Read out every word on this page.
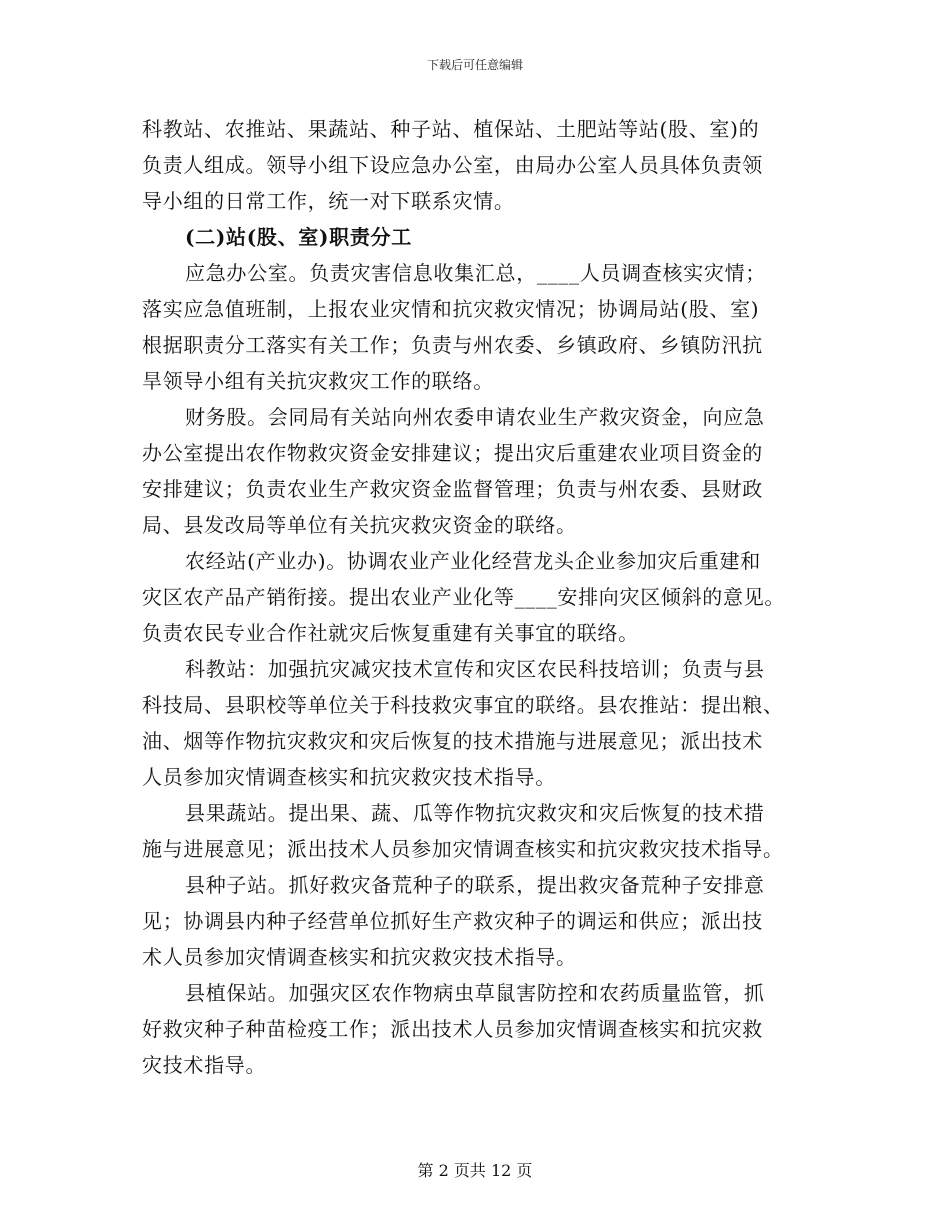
下载后可任意编辑
科教站、农推站、果蔬站、种子站、植保站、土肥站等站(股、室)的
负责人组成。领导小组下设应急办公室，由局办公室人员具体负责领
导小组的日常工作，统一对下联系灾情。
(二)站(股、室)职责分工
应急办公室。负责灾害信息收集汇总，____人员调查核实灾情；
落实应急值班制，上报农业灾情和抗灾救灾情况；协调局站(股、室)
根据职责分工落实有关工作；负责与州农委、乡镇政府、乡镇防汛抗
旱领导小组有关抗灾救灾工作的联络。
财务股。会同局有关站向州农委申请农业生产救灾资金，向应急
办公室提出农作物救灾资金安排建议；提出灾后重建农业项目资金的
安排建议；负责农业生产救灾资金监督管理；负责与州农委、县财政
局、县发改局等单位有关抗灾救灾资金的联络。
农经站(产业办)。协调农业产业化经营龙头企业参加灾后重建和
灾区农产品产销衔接。提出农业产业化等____安排向灾区倾斜的意见。
负责农民专业合作社就灾后恢复重建有关事宜的联络。
科教站：加强抗灾减灾技术宣传和灾区农民科技培训；负责与县
科技局、县职校等单位关于科技救灾事宜的联络。县农推站：提出粮、
油、烟等作物抗灾救灾和灾后恢复的技术措施与进展意见；派出技术
人员参加灾情调查核实和抗灾救灾技术指导。
县果蔬站。提出果、蔬、瓜等作物抗灾救灾和灾后恢复的技术措
施与进展意见；派出技术人员参加灾情调查核实和抗灾救灾技术指导。
县种子站。抓好救灾备荒种子的联系，提出救灾备荒种子安排意
见；协调县内种子经营单位抓好生产救灾种子的调运和供应；派出技
术人员参加灾情调查核实和抗灾救灾技术指导。
县植保站。加强灾区农作物病虫草鼠害防控和农药质量监管，抓
好救灾种子种苗检疫工作；派出技术人员参加灾情调查核实和抗灾救
灾技术指导。
第 2 页共 12 页
